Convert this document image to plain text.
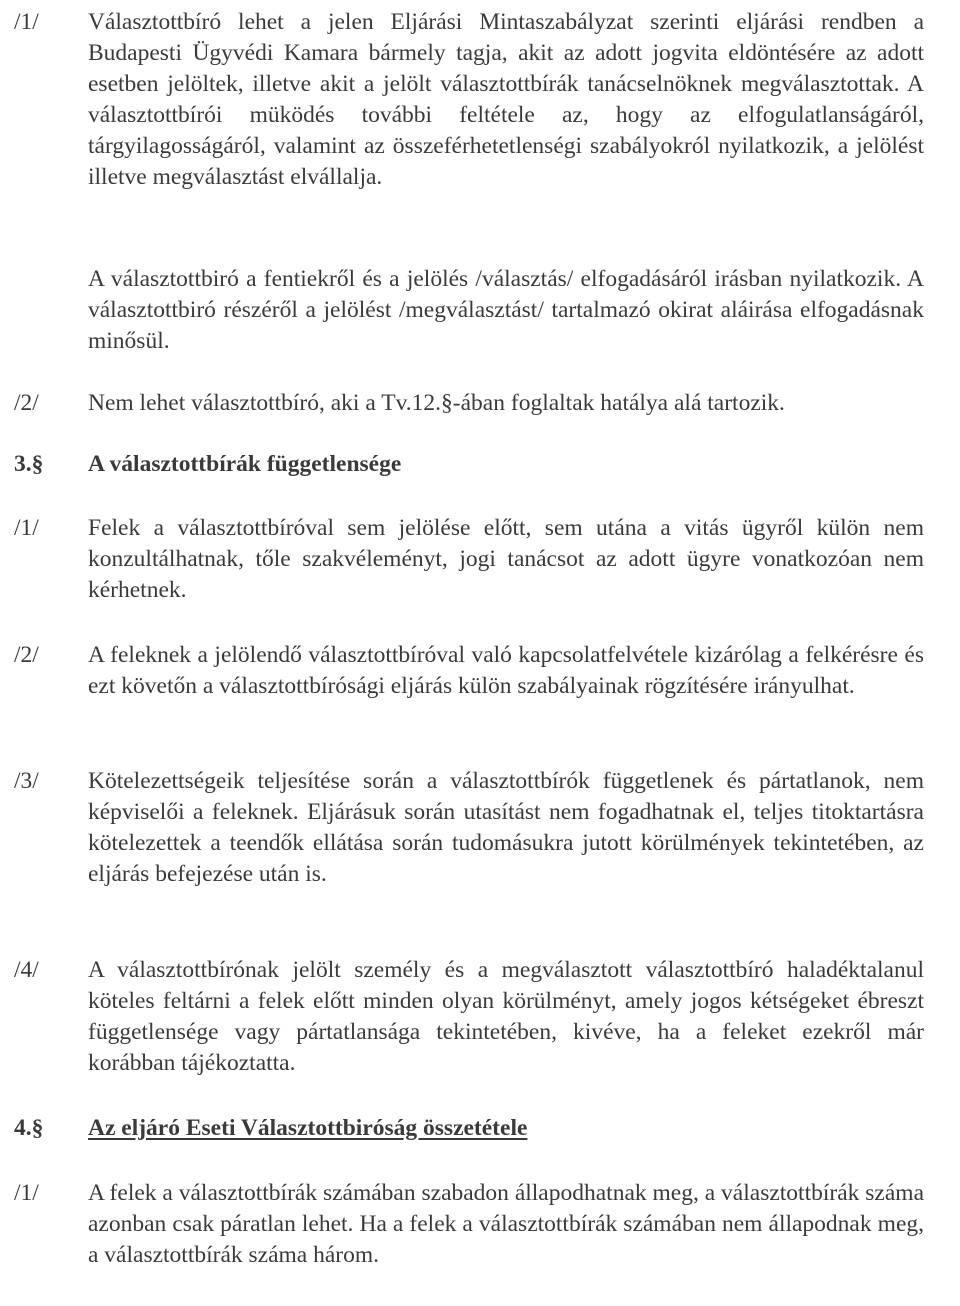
/1/ Választottbíró lehet a jelen Eljárási Mintaszabályzat szerinti eljárási rendben a Budapesti Ügyvédi Kamara bármely tagja, akit az adott jogvita eldöntésére az adott esetben jelöltek, illetve akit a jelölt választottbírák tanácselnöknek megválasztottak. A választottbírói müködés további feltétele az, hogy az elfogulatlanságáról, tárgyilagosságáról, valamint az összeférhetetlenségi szabályokról nyilatkozik, a jelölést illetve megválasztást elvállalja.
A választottbiró a fentiekről és a jelölés /választás/ elfogadásáról irásban nyilatkozik. A választottbiró részéről a jelölést /megválasztást/ tartalmazó okirat aláirása elfogadásnak minősül.
/2/ Nem lehet választottbíró, aki a Tv.12.§-ában foglaltak hatálya alá tartozik.
3.§ A választottbírák függetlensége
/1/ Felek a választottbíróval sem jelölése előtt, sem utána a vitás ügyről külön nem konzultálhatnak, tőle szakvéleményt, jogi tanácsot az adott ügyre vonatkozóan nem kérhetnek.
/2/ A feleknek a jelölendő választottbíróval való kapcsolatfelvétele kizárólag a felkérésre és ezt követőn a választottbírósági eljárás külön szabályainak rögzítésére irányulhat.
/3/ Kötelezettségeik teljesítése során a választottbírók függetlenek és pártatlanok, nem képviselői a feleknek. Eljárásuk során utasítást nem fogadhatnak el, teljes titoktartásra kötelezettek a teendők ellátása során tudomásukra jutott körülmények tekintetében, az eljárás befejezése után is.
/4/ A választottbírónak jelölt személy és a megválasztott választottbíró haladéktalanul köteles feltárni a felek előtt minden olyan körülményt, amely jogos kétségeket ébreszt függetlensége vagy pártatlansága tekintetében, kivéve, ha a feleket ezekről már korábban tájékoztatta.
4.§ Az eljáró Eseti Választottbiróság összetétele
/1/ A felek a választottbírák számában szabadon állapodhatnak meg, a választottbírák száma azonban csak páratlan lehet. Ha a felek a választottbírák számában nem állapodnak meg, a választottbírák száma három.
